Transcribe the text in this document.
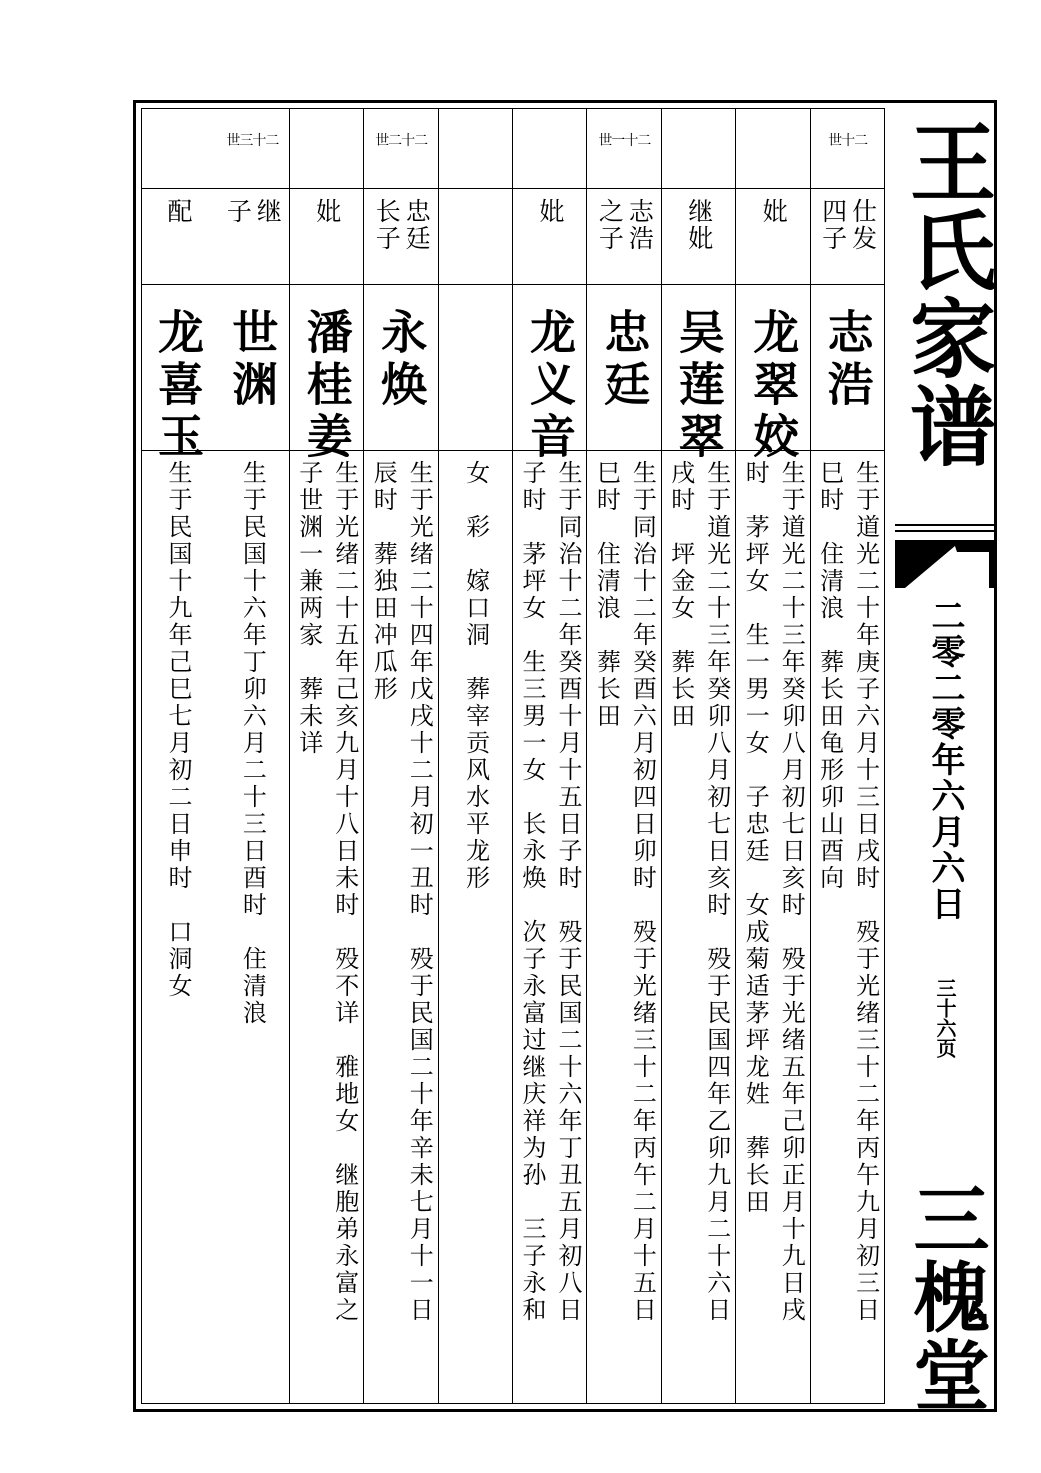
世十二
仕发
四子
志浩
生于道光二十年庚子六月十三日戌时　殁于光绪三十二年丙午九月初三日
巳时　住清浪　葬长田龟形卯山酉向
妣
龙翠姣
生于道光二十三年癸卯八月初七日亥时　殁于光绪五年己卯正月十九日戌
时　茅坪女　生一男一女　子忠廷　女成菊适茅坪龙姓　葬长田
继妣
吴莲翠
生于道光二十三年癸卯八月初七日亥时　殁于民国四年乙卯九月二十六日
戌时　坪金女　葬长田
世一十二
志浩
之子
忠廷
生于同治十二年癸酉六月初四日卯时　殁于光绪三十二年丙午二月十五日
巳时　住清浪　葬长田
妣
龙义音
生于同治十二年癸酉十月十五日子时　殁于民国二十六年丁丑五月初八日
子时　茅坪女　生三男一女　长永焕　次子永富过继庆祥为孙　三子永和
女　彩　嫁口洞　葬宰贡风水平龙形
世二十二
忠廷
长子
永焕
生于光绪二十四年戊戌十二月初一丑时　殁于民国二十年辛未七月十一日
辰时　葬独田冲瓜形
妣
潘桂姜
生于光绪二十五年己亥九月十八日未时　殁不详　雅地女　继胞弟永富之
子世渊一兼两家　葬未详
世三十二
继
子
世渊
生于民国十六年丁卯六月二十三日酉时　住清浪
配
龙喜玉
生于民国十九年己巳七月初二日申时　口洞女
王氏家谱
二零二零年六月六日
三十六页
三槐堂
